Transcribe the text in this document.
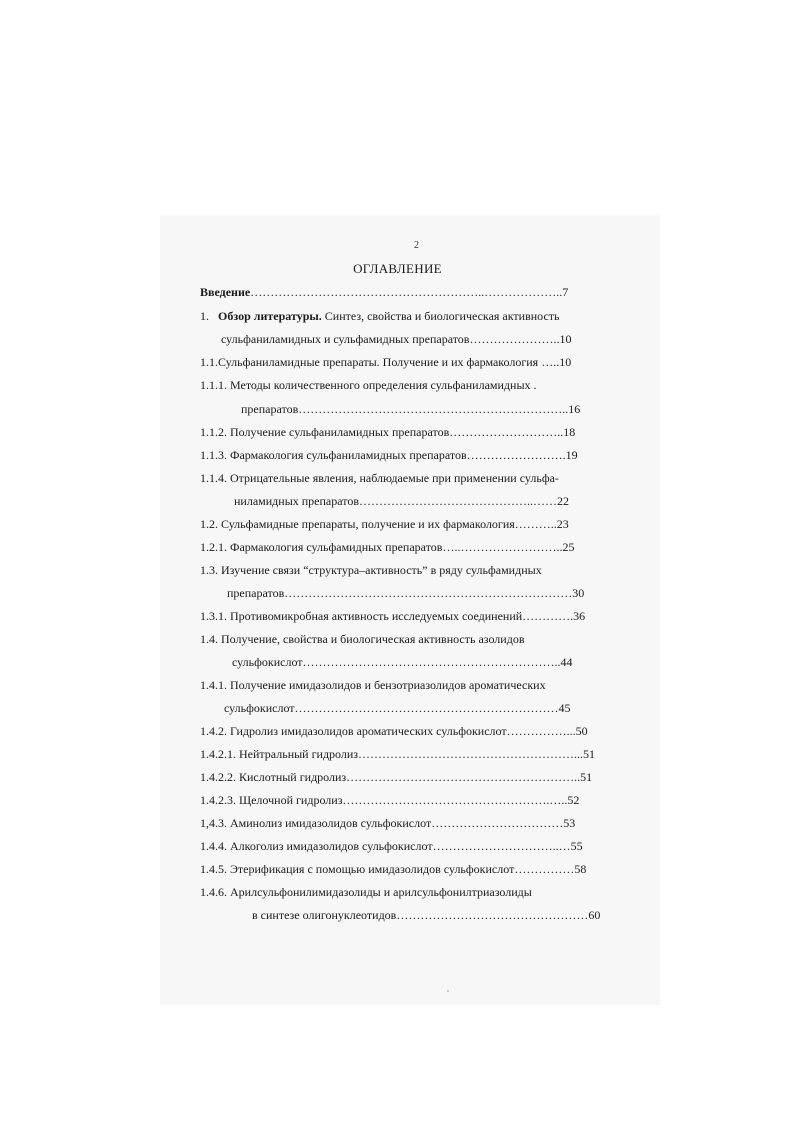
2
ОГЛАВЛЕНИЕ
Введение…………………………………………………..………………..7
1. Обзор литературы. Синтез, свойства и биологическая активность
сульфаниламидных и сульфамидных препаратов…………………..10
1.1.Сульфаниламидные препараты. Получение и их фармакология …..10
1.1.1. Методы количественного определения сульфаниламидных .
препаратов…………………………………………………………..16
1.1.2. Получение сульфаниламидных препаратов………………………..18
1.1.3. Фармакология сульфаниламидных препаратов…………………….19
1.1.4. Отрицательные явления, наблюдаемые при применении сульфа-
ниламидных препаратов……………………………………..……22
1.2. Сульфамидные препараты, получение и их фармакология………..23
1.2.1. Фармакология сульфамидных препаратов…..……………………..25
1.3. Изучение связи “структура–активность” в ряду сульфамидных
препаратов………………………………………………………………30
1.3.1. Противомикробная активность исследуемых соединений………….36
1.4. Получение, свойства и биологическая активность азолидов
сульфокислот………………………………………………………..44
1.4.1. Получение имидазолидов и бензотриазолидов ароматических
сульфокислот…………………………………………………………45
1.4.2. Гидролиз имидазолидов ароматических сульфокислот……………...50
1.4.2.1. Нейтральный гидролиз………………………………………………...51
1.4.2.2. Кислотный гидролиз…………………………………………………..51
1.4.2.3. Щелочной гидролиз…………………………………………….…..52
1,4.3. Аминолиз имидазолидов сульфокислот……………………………53
1.4.4. Алкоголиз имидазолидов сульфокислот…………………………..…55
1.4.5. Этерификация с помощью имидазолидов сульфокислот……………58
1.4.6. Арилсульфонилимидазолиды и арилсульфонилтриазолиды
в синтезе олигонуклеотидов…………………………………………60
